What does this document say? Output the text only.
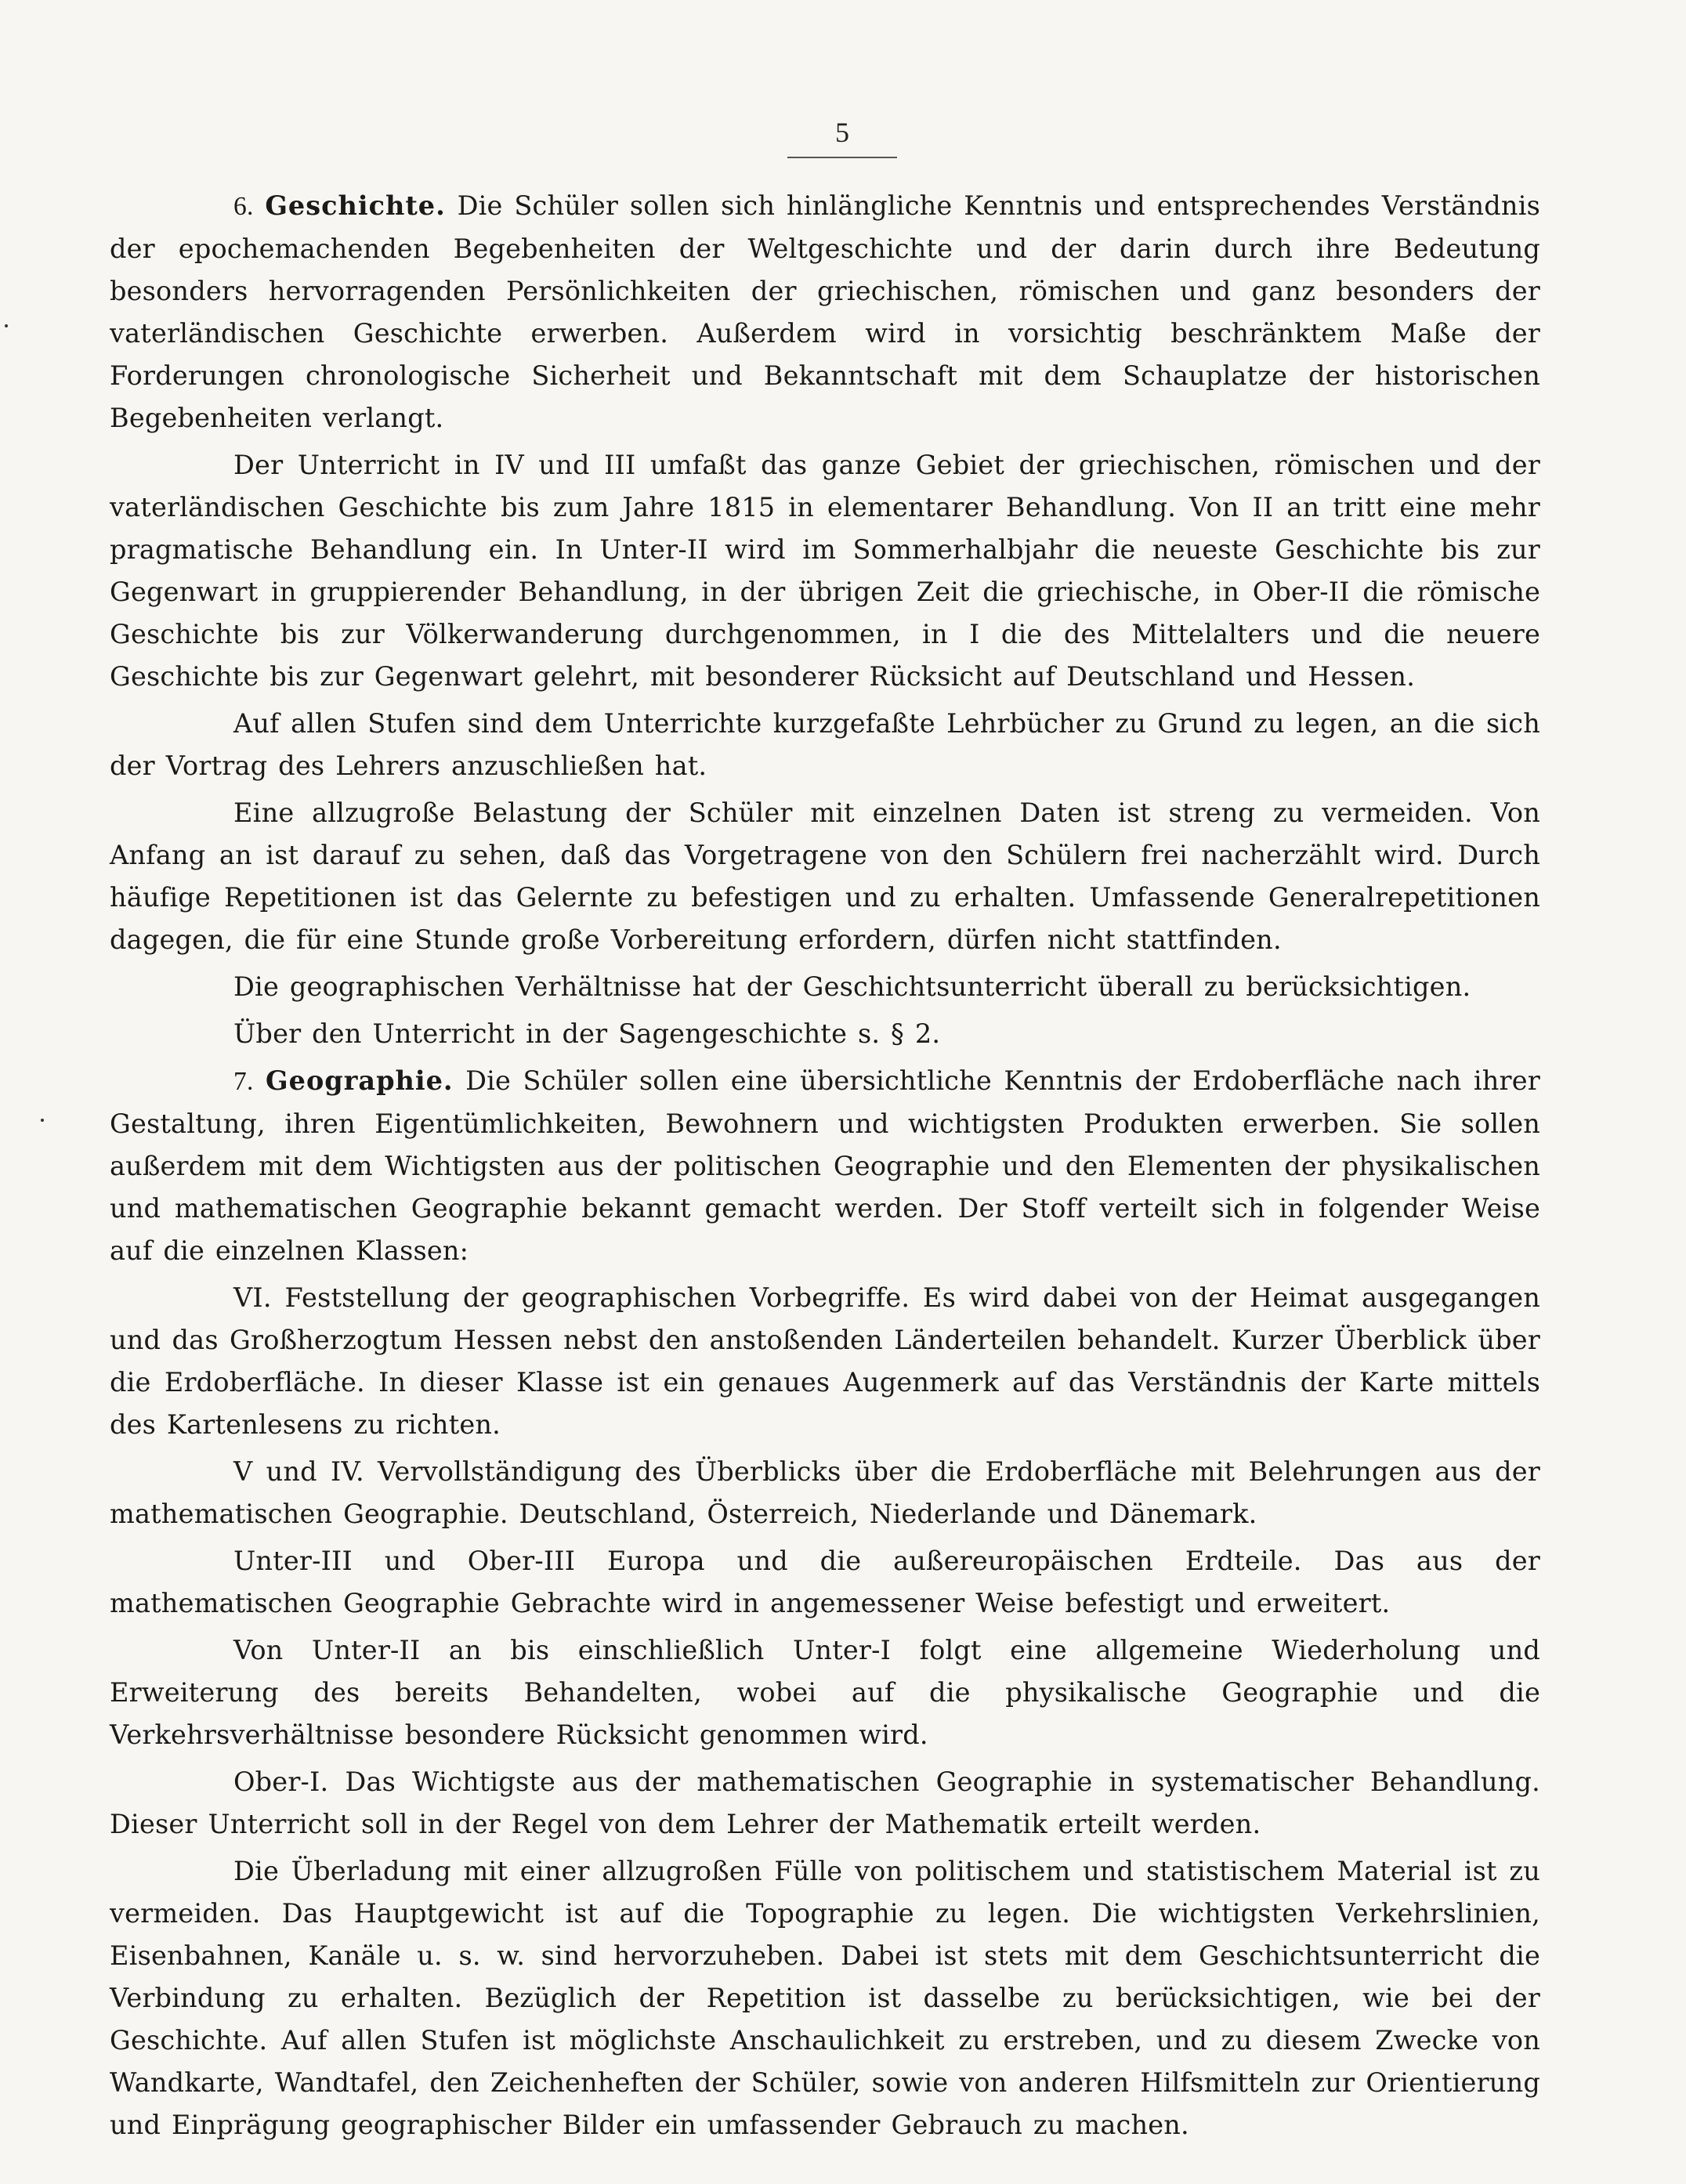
5

6. Geschichte. Die Schüler sollen sich hinlängliche Kenntnis und entsprechendes Verständnis der epochemachenden Begebenheiten der Weltgeschichte und der darin durch ihre Bedeutung besonders hervorragenden Persönlichkeiten der griechischen, römischen und ganz besonders der vaterländischen Geschichte erwerben. Außerdem wird in vorsichtig beschränktem Maße der Forderungen chronologische Sicherheit und Bekanntschaft mit dem Schauplatze der historischen Begebenheiten verlangt.

Der Unterricht in IV und III umfaßt das ganze Gebiet der griechischen, römischen und der vaterländischen Geschichte bis zum Jahre 1815 in elementarer Behandlung. Von II an tritt eine mehr pragmatische Behandlung ein. In Unter-II wird im Sommerhalbjahr die neueste Geschichte bis zur Gegenwart in gruppierender Behandlung, in der übrigen Zeit die griechische, in Ober-II die römische Geschichte bis zur Völkerwanderung durchgenommen, in I die des Mittelalters und die neuere Geschichte bis zur Gegenwart gelehrt, mit besonderer Rücksicht auf Deutschland und Hessen.

Auf allen Stufen sind dem Unterrichte kurzgefaßte Lehrbücher zu Grund zu legen, an die sich der Vortrag des Lehrers anzuschließen hat.

Eine allzugroße Belastung der Schüler mit einzelnen Daten ist streng zu vermeiden. Von Anfang an ist darauf zu sehen, daß das Vorgetragene von den Schülern frei nacherzählt wird. Durch häufige Repetitionen ist das Gelernte zu befestigen und zu erhalten. Umfassende Generalrepetitionen dagegen, die für eine Stunde große Vorbereitung erfordern, dürfen nicht stattfinden.

Die geographischen Verhältnisse hat der Geschichtsunterricht überall zu berücksichtigen.

Über den Unterricht in der Sagengeschichte s. § 2.

7. Geographie. Die Schüler sollen eine übersichtliche Kenntnis der Erdoberfläche nach ihrer Gestaltung, ihren Eigentümlichkeiten, Bewohnern und wichtigsten Produkten erwerben. Sie sollen außerdem mit dem Wichtigsten aus der politischen Geographie und den Elementen der physikalischen und mathematischen Geographie bekannt gemacht werden. Der Stoff verteilt sich in folgender Weise auf die einzelnen Klassen:

VI. Feststellung der geographischen Vorbegriffe. Es wird dabei von der Heimat ausgegangen und das Großherzogtum Hessen nebst den anstoßenden Länderteilen behandelt. Kurzer Überblick über die Erdoberfläche. In dieser Klasse ist ein genaues Augenmerk auf das Verständnis der Karte mittels des Kartenlesens zu richten.

V und IV. Vervollständigung des Überblicks über die Erdoberfläche mit Belehrungen aus der mathematischen Geographie. Deutschland, Österreich, Niederlande und Dänemark.

Unter-III und Ober-III Europa und die außereuropäischen Erdteile. Das aus der mathematischen Geographie Gebrachte wird in angemessener Weise befestigt und erweitert.

Von Unter-II an bis einschließlich Unter-I folgt eine allgemeine Wiederholung und Erweiterung des bereits Behandelten, wobei auf die physikalische Geographie und die Verkehrsverhältnisse besondere Rücksicht genommen wird.

Ober-I. Das Wichtigste aus der mathematischen Geographie in systematischer Behandlung. Dieser Unterricht soll in der Regel von dem Lehrer der Mathematik erteilt werden.

Die Überladung mit einer allzugroßen Fülle von politischem und statistischem Material ist zu vermeiden. Das Hauptgewicht ist auf die Topographie zu legen. Die wichtigsten Verkehrslinien, Eisenbahnen, Kanäle u. s. w. sind hervorzuheben. Dabei ist stets mit dem Geschichtsunterricht die Verbindung zu erhalten. Bezüglich der Repetition ist dasselbe zu berücksichtigen, wie bei der Geschichte. Auf allen Stufen ist möglichste Anschaulichkeit zu erstreben, und zu diesem Zwecke von Wandkarte, Wandtafel, den Zeichenheften der Schüler, sowie von anderen Hilfsmitteln zur Orientierung und Einprägung geographischer Bilder ein umfassender Gebrauch zu machen.
